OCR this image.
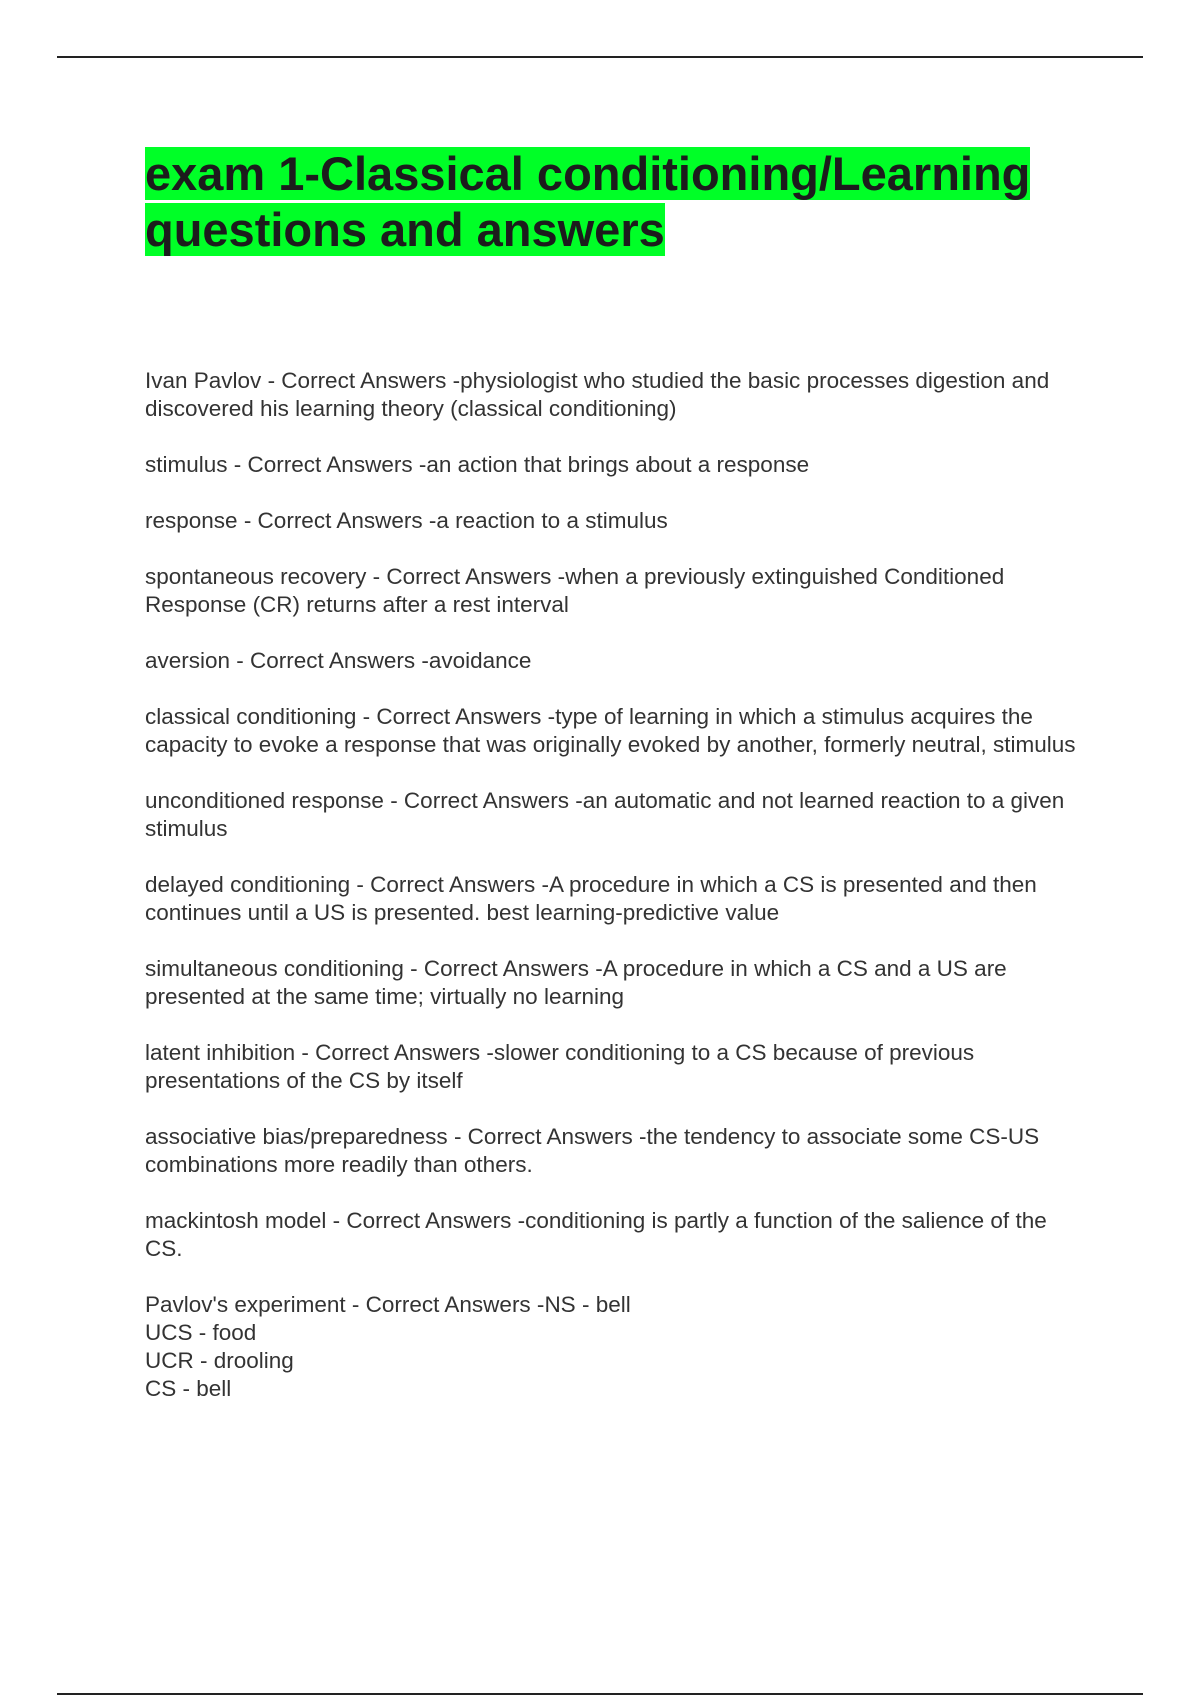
exam 1-Classical conditioning/Learning
questions and answers
Ivan Pavlov - Correct Answers -physiologist who studied the basic processes digestion and discovered his learning theory (classical conditioning)
stimulus - Correct Answers -an action that brings about a response
response - Correct Answers -a reaction to a stimulus
spontaneous recovery - Correct Answers -when a previously extinguished Conditioned Response (CR) returns after a rest interval
aversion - Correct Answers -avoidance
classical conditioning - Correct Answers -type of learning in which a stimulus acquires the capacity to evoke a response that was originally evoked by another, formerly neutral, stimulus
unconditioned response - Correct Answers -an automatic and not learned reaction to a given stimulus
delayed conditioning - Correct Answers -A procedure in which a CS is presented and then continues until a US is presented. best learning-predictive value
simultaneous conditioning - Correct Answers -A procedure in which a CS and a US are presented at the same time; virtually no learning
latent inhibition - Correct Answers -slower conditioning to a CS because of previous presentations of the CS by itself
associative bias/preparedness - Correct Answers -the tendency to associate some CS-US combinations more readily than others.
mackintosh model - Correct Answers -conditioning is partly a function of the salience of the CS.
Pavlov's experiment - Correct Answers -NS - bell
UCS - food
UCR - drooling
CS - bell
